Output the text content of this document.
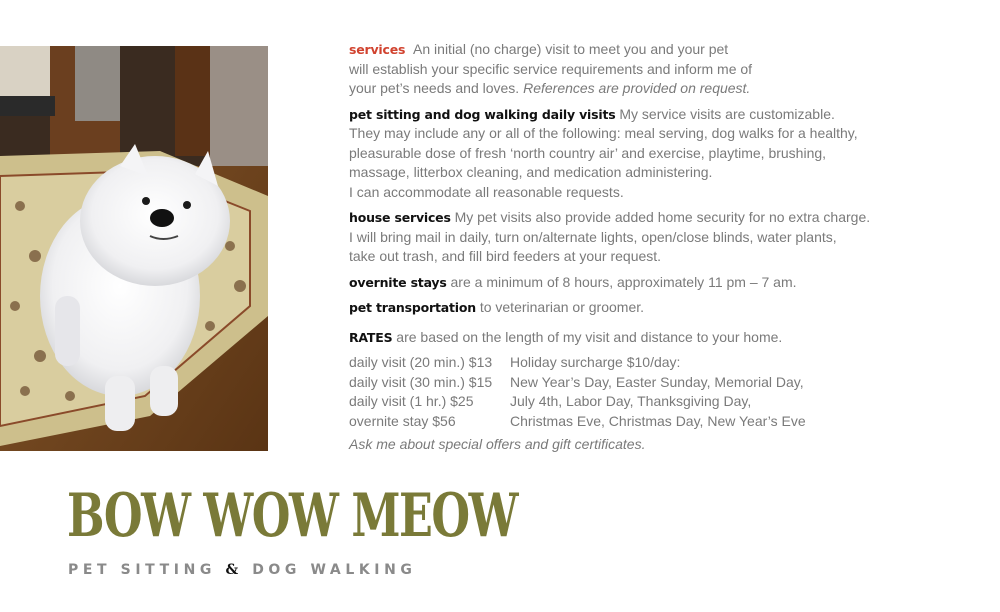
services An initial (no charge) visit to meet you and your pet
will establish your specific service requirements and inform me of
your pet’s needs and loves. References are provided on request.

pet sitting and dog walking daily visits My service visits are customizable.
They may include any or all of the following: meal serving, dog walks for a healthy,
pleasurable dose of fresh ‘north country air’ and exercise, playtime, brushing,
massage, litterbox cleaning, and medication administering.
I can accommodate all reasonable requests.

house services My pet visits also provide added home security for no extra charge.
I will bring mail in daily, turn on/alternate lights, open/close blinds, water plants,
take out trash, and fill bird feeders at your request.

overnite stays are a minimum of 8 hours, approximately 11 pm – 7 am.

pet transportation to veterinarian or groomer.

RATES are based on the length of my visit and distance to your home.

daily visit (20 min.) $13	Holiday surcharge $10/day:
daily visit (30 min.) $15	New Year’s Day, Easter Sunday, Memorial Day,
daily visit (1 hr.) $25	July 4th, Labor Day, Thanksgiving Day,
overnite stay $56	Christmas Eve, Christmas Day, New Year’s Eve
Ask me about special offers and gift certificates.
BOW WOW MEOW
PET SITTING & DOG WALKING
